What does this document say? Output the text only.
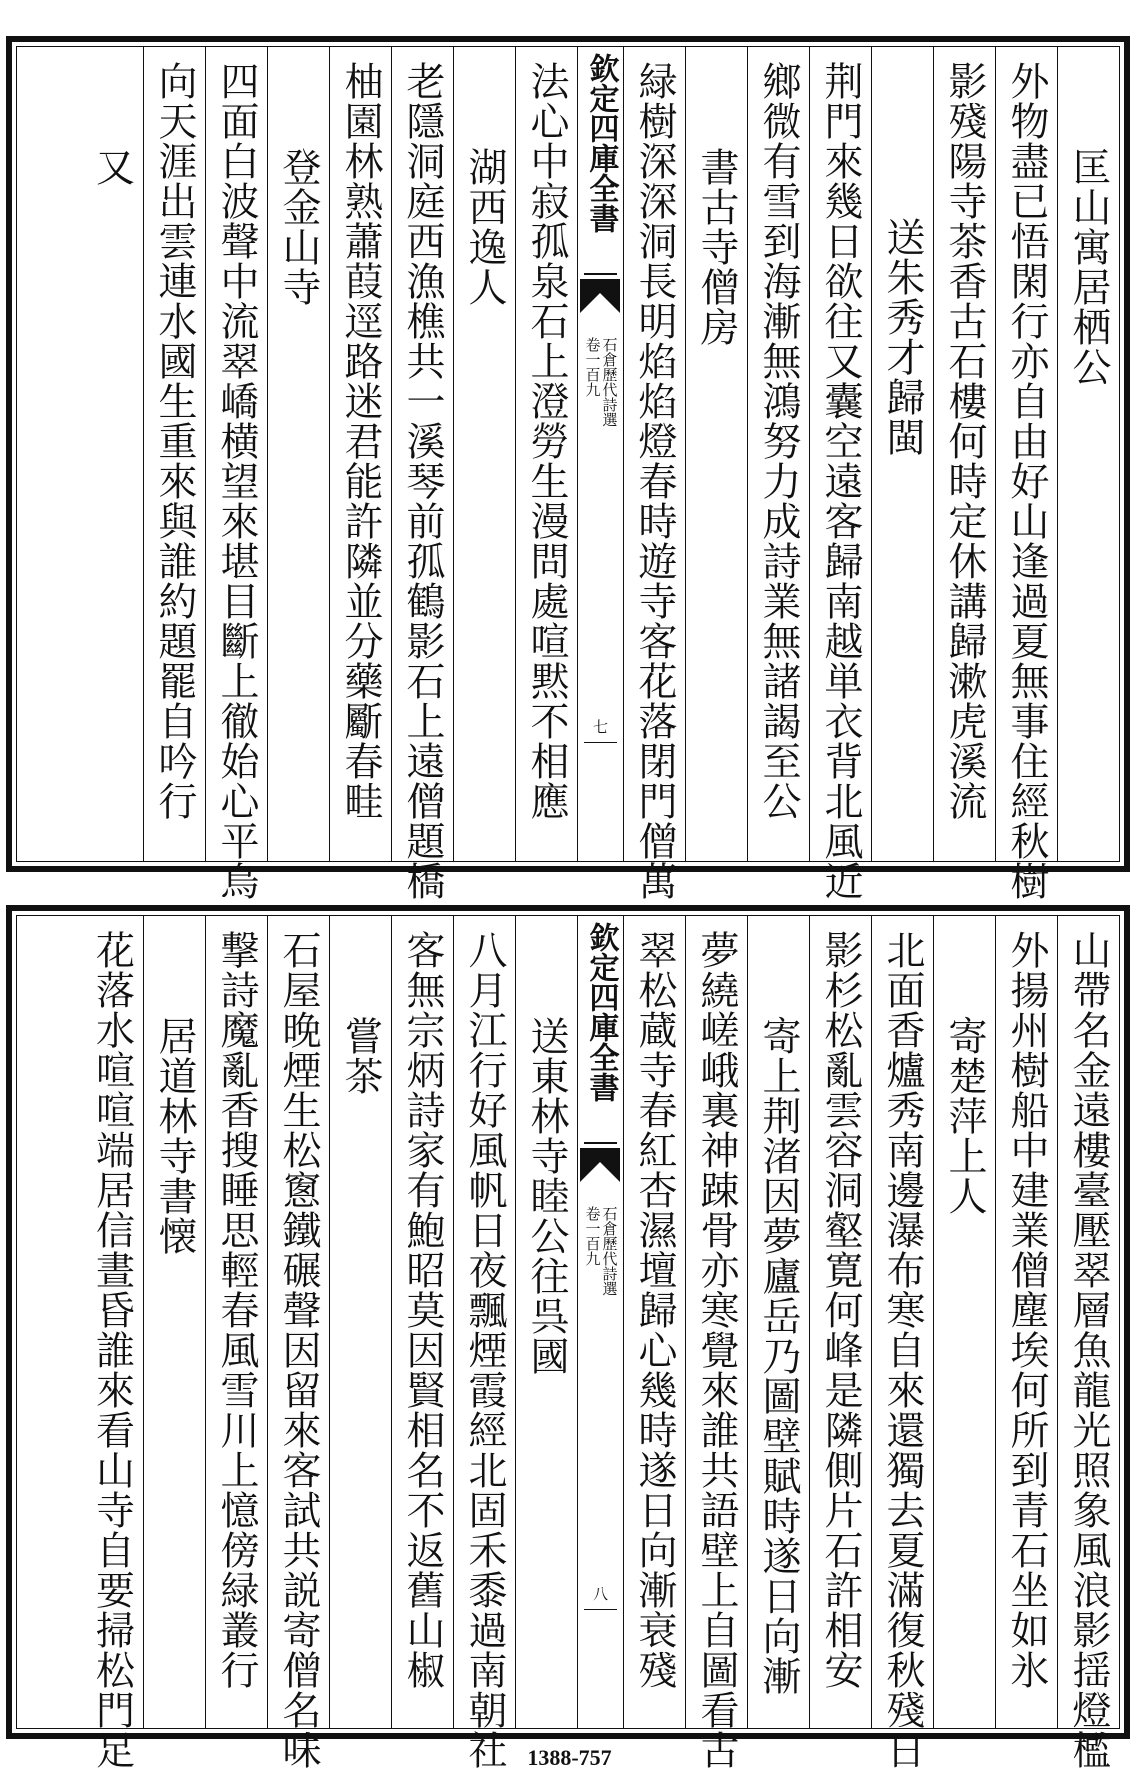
匡山寓居栖公
外物盡已悟閑行亦自由好山逢過夏無事住經秋樹
影殘陽寺茶香古石樓何時定休講歸漱虎溪流
送朱秀才歸閩
荆門來幾日欲往又囊空遠客歸南越単衣背北風近
鄉微有雪到海漸無鴻努力成詩業無諸謁至公
書古寺僧房
緑樹深深洞長明焰焰燈春時遊寺客花落閉門僧萬
欽定四庫全書
石倉歷代詩選
卷一百九
七
法心中寂孤泉石上澄勞生漫問處喧黙不相應
湖西逸人
老隱洞庭西漁樵共一溪琴前孤鶴影石上遠僧題橋
柚園林熟蕭葭逕路迷君能許隣並分藥斸春畦
登金山寺
四面白波聲中流翠嶠横望來堪目斷上徹始心平烏
向天涯出雲連水國生重來與誰約題罷自吟行
又
山帶名金遠樓臺壓翠層魚龍光照象風浪影揺燈檻
外揚州樹船中建業僧塵埃何所到青石坐如氷
寄楚萍上人
北面香爐秀南邊瀑布寒自來還獨去夏滿復秋殘日
影杉松亂雲容洞壑寛何峰是隣側片石許相安
寄上荆渚因夢廬岳乃圖壁賦時遂日向漸
夢繞嵯峨裏神踈骨亦寒覺來誰共語壁上自圖看古
翠松蔵寺春紅杏濕壇歸心幾時遂日向漸衰殘
欽定四庫全書
石倉歷代詩選
卷一百九
八
送東林寺睦公往呉國
八月江行好風帆日夜飄煙霞經北固禾黍過南朝社
客無宗炳詩家有鮑昭莫因賢相名不返舊山椒
嘗茶
石屋晚煙生松窻鐵碾聲因留來客試共説寄僧名味
撃詩魔亂香搜睡思輕春風雪川上憶傍緑叢行
居道林寺書懐
花落水喧喧端居信晝昏誰來看山寺自要掃松門足	1388-757
